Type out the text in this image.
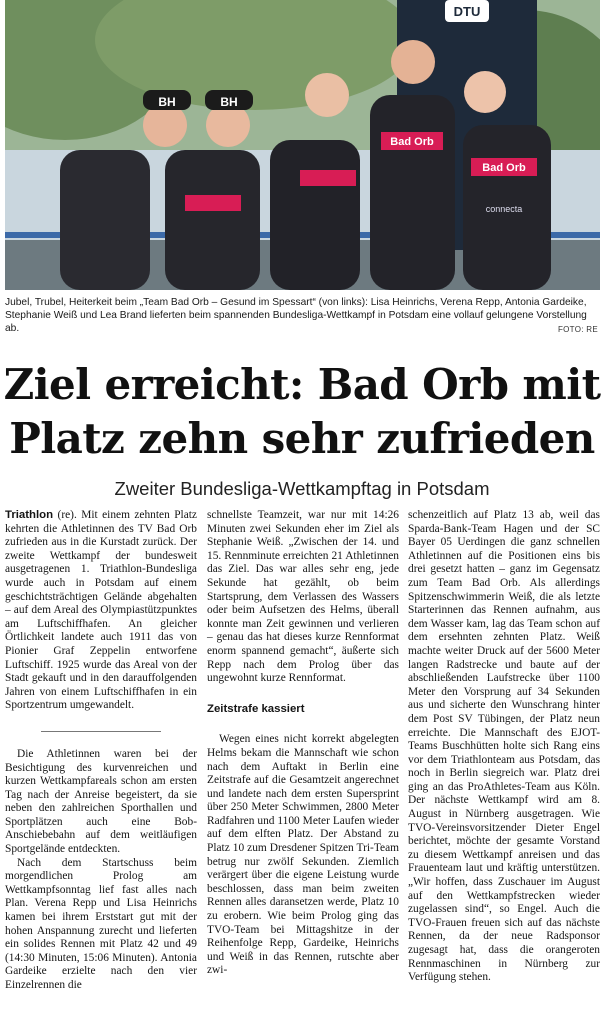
DTU
BH	BH
Bad Orb
Bad Orb
connecta
Jubel, Trubel, Heiterkeit beim „Team Bad Orb – Gesund im Spessart“ (von links): Lisa Heinrichs, Verena Repp, Antonia Gardeike, Stephanie Weiß und Lea Brand lieferten beim spannenden Bundesliga-Wettkampf in Potsdam eine vollauf gelungene Vorstellung ab.	FOTO: RE
Ziel erreicht: Bad Orb mit
Platz zehn sehr zufrieden
Zweiter Bundesliga-Wettkampftag in Potsdam

Triathlon (re). Mit einem zehnten Platz kehrten die Athletinnen des TV Bad Orb zufrieden aus in die Kurstadt zurück. Der zweite Wettkampf der bundesweit ausgetragenen 1. Triathlon-Bundesliga wurde auch in Potsdam auf einem geschichtsträchtigen Gelände abgehalten – auf dem Areal des Olympiastützpunktes am Luftschiffhafen. An gleicher Örtlichkeit landete auch 1911 das von Pionier Graf Zeppelin entworfene Luftschiff. 1925 wurde das Areal von der Stadt gekauft und in den darauffolgenden Jahren von einem Luftschiffhafen in ein Sportzentrum umgewandelt.

Die Athletinnen waren bei der Besichtigung des kurvenreichen und kurzen Wettkampfareals schon am ersten Tag nach der Anreise begeistert, da sie neben den zahlreichen Sporthallen und Sportplätzen auch eine Bob-Anschiebebahn auf dem weitläufigen Sportgelände entdeckten.

Nach dem Startschuss beim morgendlichen Prolog am Wettkampfsonntag lief fast alles nach Plan. Verena Repp und Lisa Heinrichs kamen bei ihrem Erststart gut mit der hohen Anspannung zurecht und lieferten ein solides Rennen mit Platz 42 und 49 (14:30 Minuten, 15:06 Minuten). Antonia Gardeike erzielte nach den vier Einzelrennen die

schnellste Teamzeit, war nur mit 14:26 Minuten zwei Sekunden eher im Ziel als Stephanie Weiß. „Zwischen der 14. und 15. Rennminute erreichten 21 Athletinnen das Ziel. Das war alles sehr eng, jede Sekunde hat gezählt, ob beim Startsprung, dem Verlassen des Wassers oder beim Aufsetzen des Helms, überall konnte man Zeit gewinnen und verlieren – genau das hat dieses kurze Rennformat enorm spannend gemacht“, äußerte sich Repp nach dem Prolog über das ungewohnt kurze Rennformat.

Zeitstrafe kassiert

Wegen eines nicht korrekt abgelegten Helms bekam die Mannschaft wie schon nach dem Auftakt in Berlin eine Zeitstrafe auf die Gesamtzeit angerechnet und landete nach dem ersten Supersprint über 250 Meter Schwimmen, 2800 Meter Radfahren und 1100 Meter Laufen wieder auf dem elften Platz. Der Abstand zu Platz 10 zum Dresdener Spitzen Tri-Team betrug nur zwölf Sekunden. Ziemlich verärgert über die eigene Leistung wurde beschlossen, dass man beim zweiten Rennen alles daransetzen werde, Platz 10 zu erobern. Wie beim Prolog ging das TVO-Team bei Mittagshitze in der Reihenfolge Repp, Gardeike, Heinrichs und Weiß in das Rennen, rutschte aber zwi-

schenzeitlich auf Platz 13 ab, weil das Sparda-Bank-Team Hagen und der SC Bayer 05 Uerdingen die ganz schnellen Athletinnen auf die Positionen eins bis drei gesetzt hatten – ganz im Gegensatz zum Team Bad Orb. Als allerdings Spitzenschwimmerin Weiß, die als letzte Starterinnen das Rennen aufnahm, aus dem Wasser kam, lag das Team schon auf dem ersehnten zehnten Platz. Weiß machte weiter Druck auf der 5600 Meter langen Radstrecke und baute auf der abschließenden Laufstrecke über 1100 Meter den Vorsprung auf 34 Sekunden aus und sicherte den Wunschrang hinter dem Post SV Tübingen, der Platz neun erreichte. Die Mannschaft des EJOT-Teams Buschhütten holte sich Rang eins vor dem Triathlonteam aus Potsdam, das noch in Berlin siegreich war. Platz drei ging an das ProAthletes-Team aus Köln. Der nächste Wettkampf wird am 8. August in Nürnberg ausgetragen. Wie TVO-Vereinsvorsitzender Dieter Engel berichtet, möchte der gesamte Vorstand zu diesem Wettkampf anreisen und das Frauenteam laut und kräftig unterstützen. „Wir hoffen, dass Zuschauer im August auf den Wettkampfstrecken wieder zugelassen sind“, so Engel. Auch die TVO-Frauen freuen sich auf das nächste Rennen, da der neue Radsponsor zugesagt hat, dass die orangeroten Rennmaschinen in Nürnberg zur Verfügung stehen.
